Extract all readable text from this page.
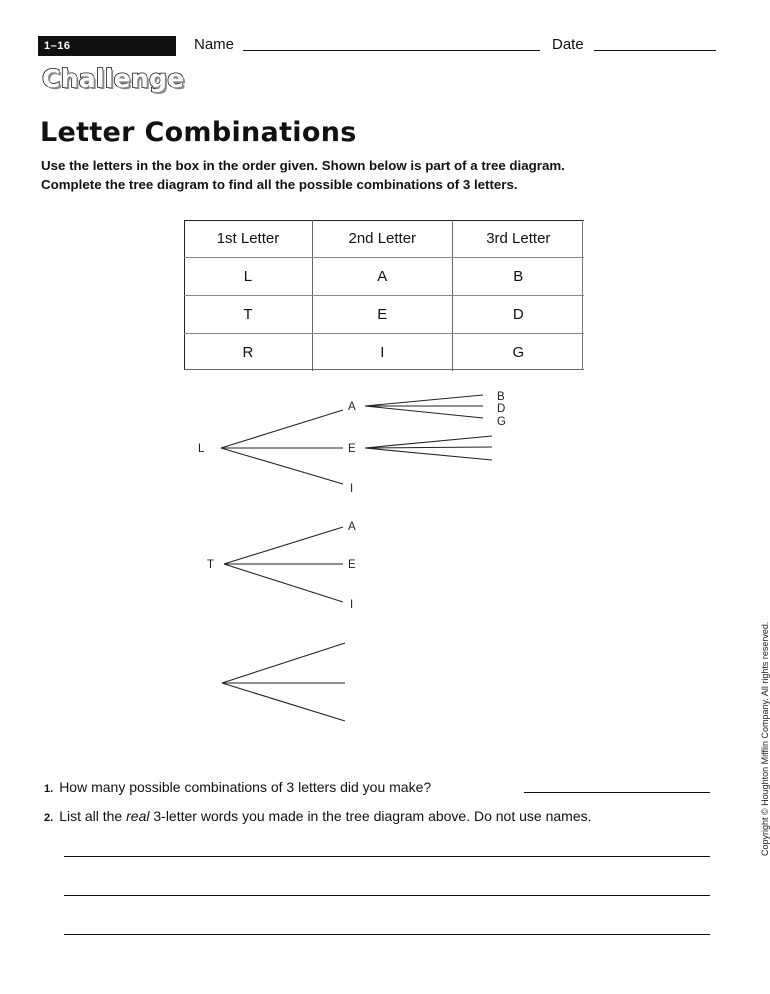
1–16	Name	Date
Challenge
Letter Combinations
Use the letters in the box in the order given. Shown below is part of a tree diagram.
Complete the tree diagram to find all the possible combinations of 3 letters.
1st Letter	2nd Letter	3rd Letter
L	A	B
T	E	D
R	I	G
L
A
E
I
B
D
G
T
A
E
I
1. How many possible combinations of 3 letters did you make?
2. List all the real 3-letter words you made in the tree diagram above. Do not use names.	Copyright © Houghton Mifflin Company. All rights reserved.
